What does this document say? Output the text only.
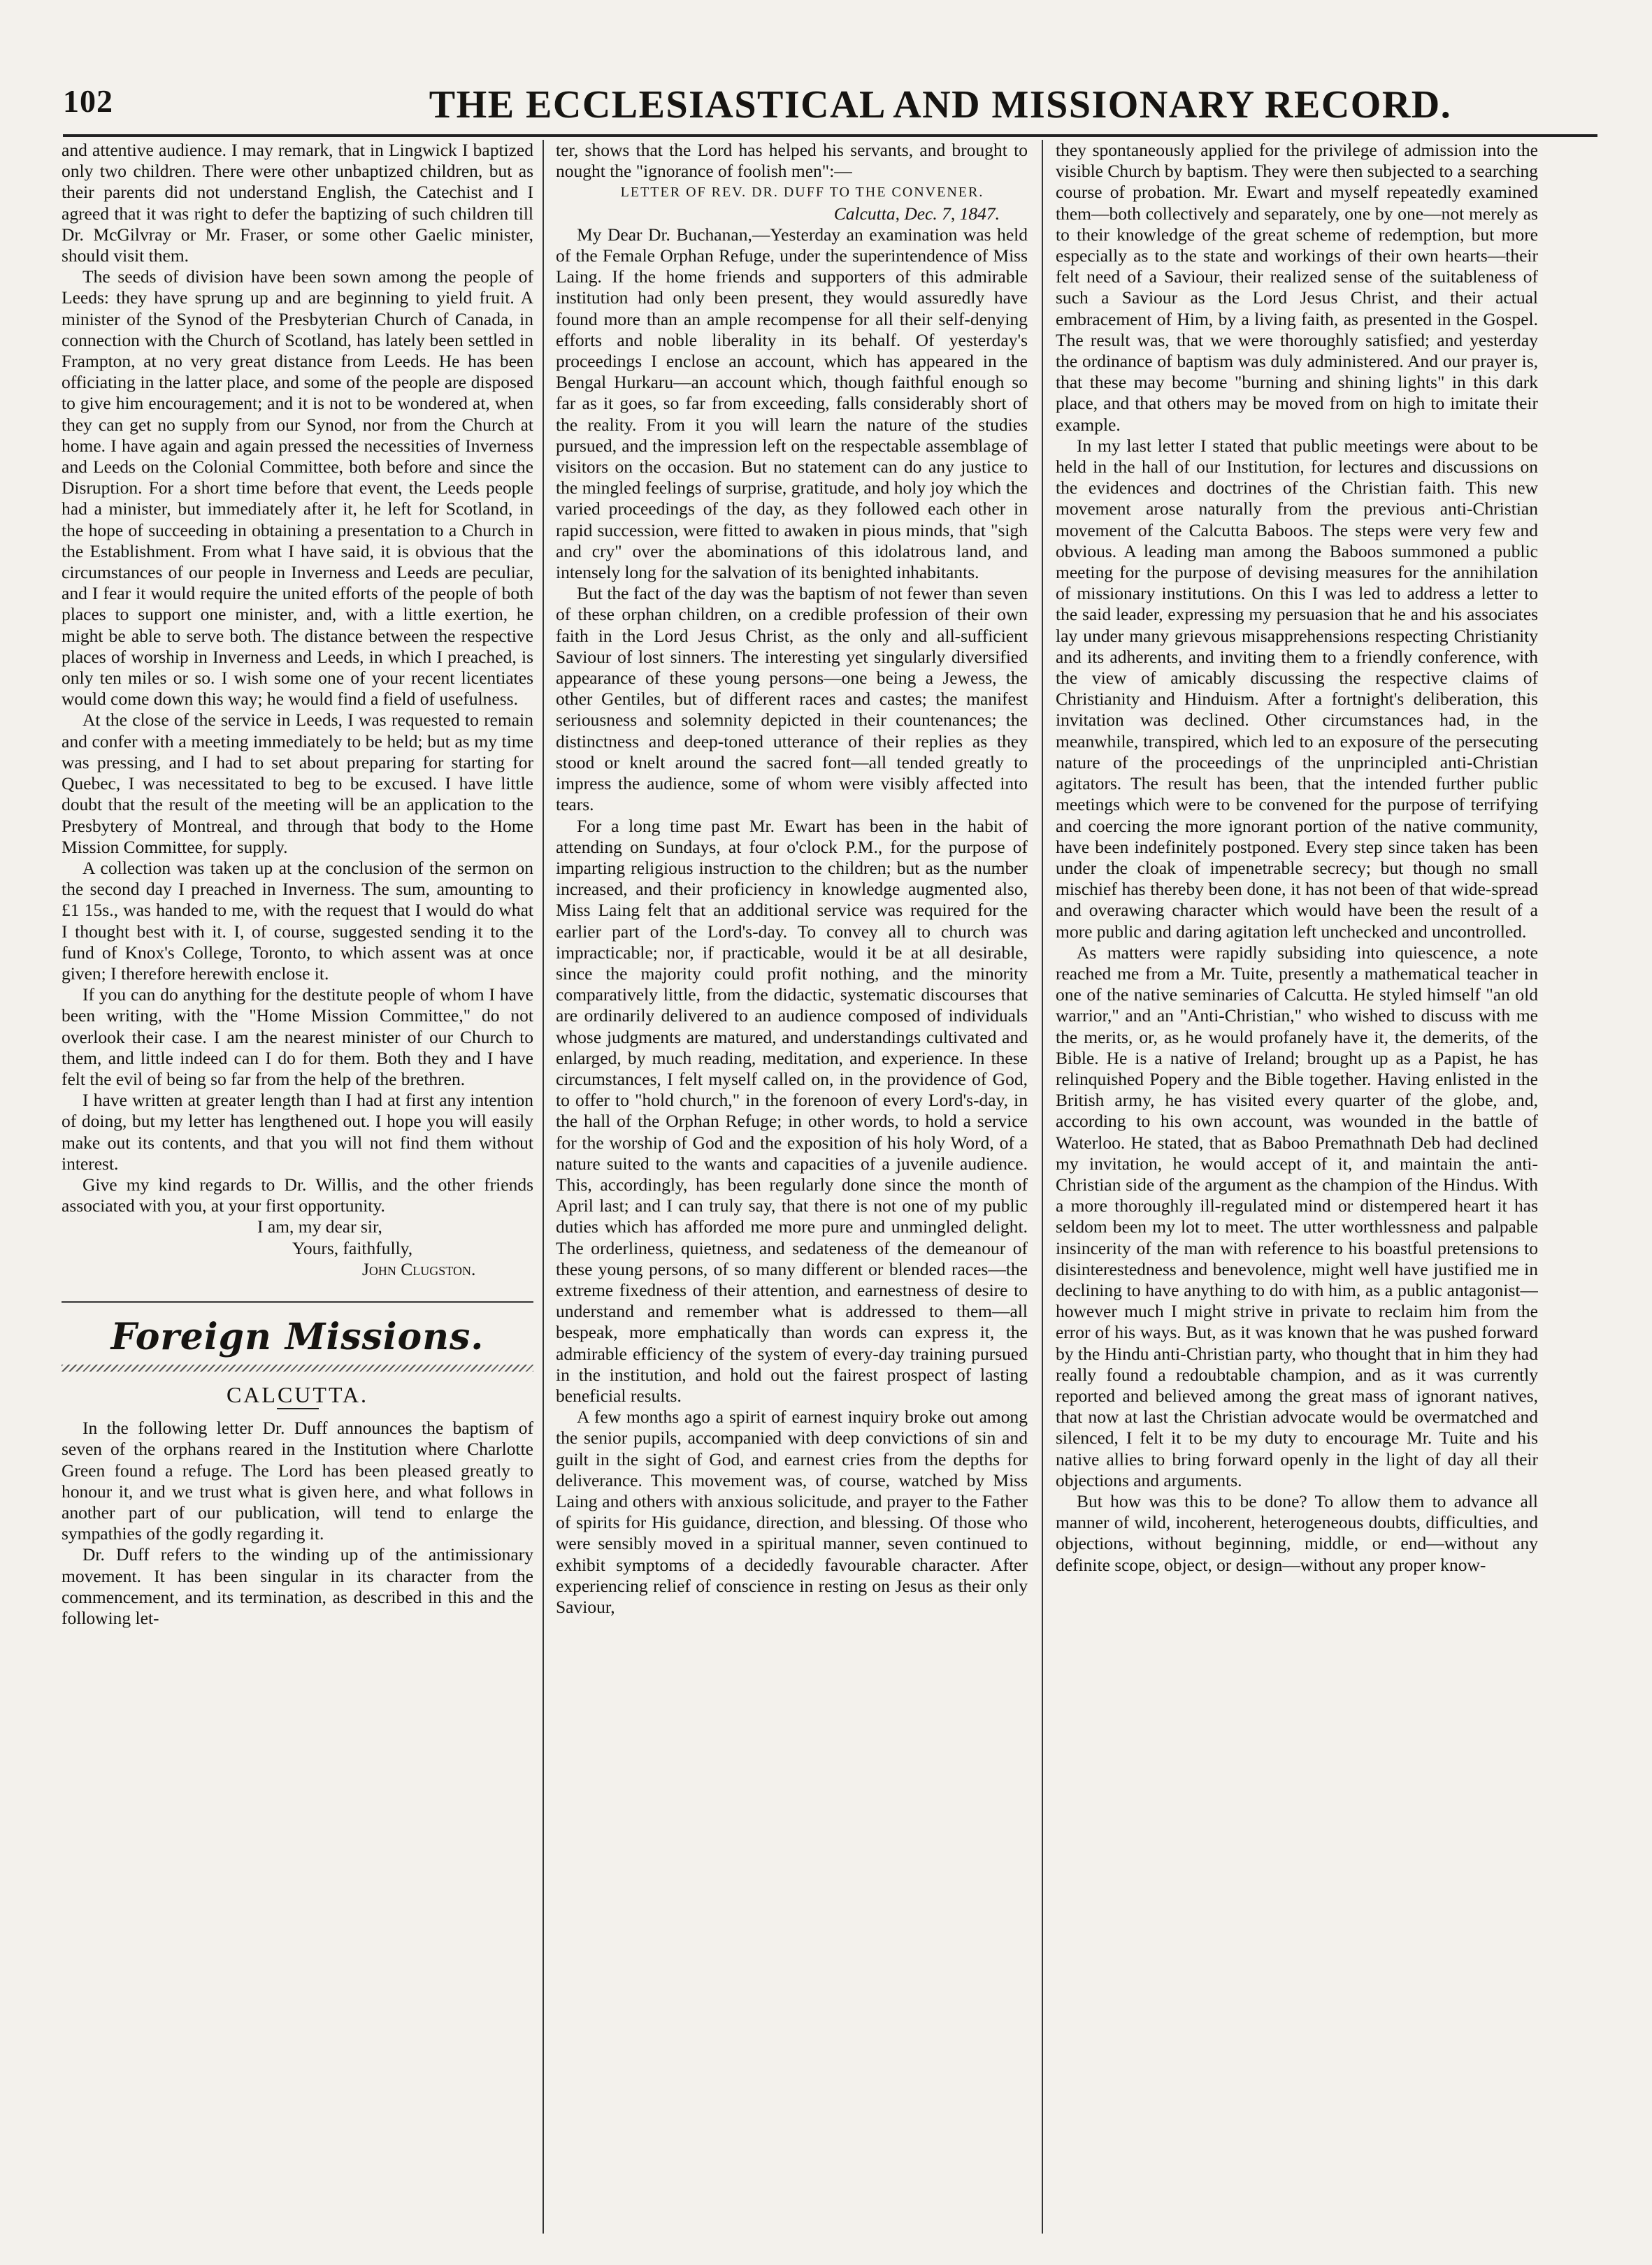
102	THE ECCLESIASTICAL AND MISSIONARY RECORD.

and attentive audience. I may remark, that in Lingwick I baptized only two children. There were other unbaptized children, but as their parents did not understand English, the Catechist and I agreed that it was right to defer the baptizing of such children till Dr. McGilvray or Mr. Fraser, or some other Gaelic minister, should visit them.

The seeds of division have been sown among the people of Leeds: they have sprung up and are beginning to yield fruit. A minister of the Synod of the Presbyterian Church of Canada, in connection with the Church of Scotland, has lately been settled in Frampton, at no very great distance from Leeds. He has been officiating in the latter place, and some of the people are disposed to give him encouragement; and it is not to be wondered at, when they can get no supply from our Synod, nor from the Church at home. I have again and again pressed the necessities of Inverness and Leeds on the Colonial Committee, both before and since the Disruption. For a short time before that event, the Leeds people had a minister, but immediately after it, he left for Scotland, in the hope of succeeding in obtaining a presentation to a Church in the Establishment. From what I have said, it is obvious that the circumstances of our people in Inverness and Leeds are peculiar, and I fear it would require the united efforts of the people of both places to support one minister, and, with a little exertion, he might be able to serve both. The distance between the respective places of worship in Inverness and Leeds, in which I preached, is only ten miles or so. I wish some one of your recent licentiates would come down this way; he would find a field of usefulness.

At the close of the service in Leeds, I was requested to remain and confer with a meeting immediately to be held; but as my time was pressing, and I had to set about preparing for starting for Quebec, I was necessitated to beg to be excused. I have little doubt that the result of the meeting will be an application to the Presbytery of Montreal, and through that body to the Home Mission Committee, for supply.

A collection was taken up at the conclusion of the sermon on the second day I preached in Inverness. The sum, amounting to £1 15s., was handed to me, with the request that I would do what I thought best with it. I, of course, suggested sending it to the fund of Knox's College, Toronto, to which assent was at once given; I therefore herewith enclose it.

If you can do anything for the destitute people of whom I have been writing, with the "Home Mission Committee," do not overlook their case. I am the nearest minister of our Church to them, and little indeed can I do for them. Both they and I have felt the evil of being so far from the help of the brethren.

I have written at greater length than I had at first any intention of doing, but my letter has lengthened out. I hope you will easily make out its contents, and that you will not find them without interest.

Give my kind regards to Dr. Willis, and the other friends associated with you, at your first opportunity.

I am, my dear sir,

Yours, faithfully,

John Clugston.

Foreign Missions.
CALCUTTA.

In the following letter Dr. Duff announces the baptism of seven of the orphans reared in the Institution where Charlotte Green found a refuge. The Lord has been pleased greatly to honour it, and we trust what is given here, and what follows in another part of our publication, will tend to enlarge the sympathies of the godly regarding it.

Dr. Duff refers to the winding up of the antimissionary movement. It has been singular in its character from the commencement, and its termination, as described in this and the following let-

ter, shows that the Lord has helped his servants, and brought to nought the "ignorance of foolish men":—

LETTER OF REV. DR. DUFF TO THE CONVENER.

Calcutta, Dec. 7, 1847.

My Dear Dr. Buchanan,—Yesterday an examination was held of the Female Orphan Refuge, under the superintendence of Miss Laing. If the home friends and supporters of this admirable institution had only been present, they would assuredly have found more than an ample recompense for all their self-denying efforts and noble liberality in its behalf. Of yesterday's proceedings I enclose an account, which has appeared in the Bengal Hurkaru—an account which, though faithful enough so far as it goes, so far from exceeding, falls considerably short of the reality. From it you will learn the nature of the studies pursued, and the impression left on the respectable assemblage of visitors on the occasion. But no statement can do any justice to the mingled feelings of surprise, gratitude, and holy joy which the varied proceedings of the day, as they followed each other in rapid succession, were fitted to awaken in pious minds, that "sigh and cry" over the abominations of this idolatrous land, and intensely long for the salvation of its benighted inhabitants.

But the fact of the day was the baptism of not fewer than seven of these orphan children, on a credible profession of their own faith in the Lord Jesus Christ, as the only and all-sufficient Saviour of lost sinners. The interesting yet singularly diversified appearance of these young persons—one being a Jewess, the other Gentiles, but of different races and castes; the manifest seriousness and solemnity depicted in their countenances; the distinctness and deep-toned utterance of their replies as they stood or knelt around the sacred font—all tended greatly to impress the audience, some of whom were visibly affected into tears.

For a long time past Mr. Ewart has been in the habit of attending on Sundays, at four o'clock P.M., for the purpose of imparting religious instruction to the children; but as the number increased, and their proficiency in knowledge augmented also, Miss Laing felt that an additional service was required for the earlier part of the Lord's-day. To convey all to church was impracticable; nor, if practicable, would it be at all desirable, since the majority could profit nothing, and the minority comparatively little, from the didactic, systematic discourses that are ordinarily delivered to an audience composed of individuals whose judgments are matured, and understandings cultivated and enlarged, by much reading, meditation, and experience. In these circumstances, I felt myself called on, in the providence of God, to offer to "hold church," in the forenoon of every Lord's-day, in the hall of the Orphan Refuge; in other words, to hold a service for the worship of God and the exposition of his holy Word, of a nature suited to the wants and capacities of a juvenile audience. This, accordingly, has been regularly done since the month of April last; and I can truly say, that there is not one of my public duties which has afforded me more pure and unmingled delight. The orderliness, quietness, and sedateness of the demeanour of these young persons, of so many different or blended races—the extreme fixedness of their attention, and earnestness of desire to understand and remember what is addressed to them—all bespeak, more emphatically than words can express it, the admirable efficiency of the system of every-day training pursued in the institution, and hold out the fairest prospect of lasting beneficial results.

A few months ago a spirit of earnest inquiry broke out among the senior pupils, accompanied with deep convictions of sin and guilt in the sight of God, and earnest cries from the depths for deliverance. This movement was, of course, watched by Miss Laing and others with anxious solicitude, and prayer to the Father of spirits for His guidance, direction, and blessing. Of those who were sensibly moved in a spiritual manner, seven continued to exhibit symptoms of a decidedly favourable character. After experiencing relief of conscience in resting on Jesus as their only Saviour,

they spontaneously applied for the privilege of admission into the visible Church by baptism. They were then subjected to a searching course of probation. Mr. Ewart and myself repeatedly examined them—both collectively and separately, one by one—not merely as to their knowledge of the great scheme of redemption, but more especially as to the state and workings of their own hearts—their felt need of a Saviour, their realized sense of the suitableness of such a Saviour as the Lord Jesus Christ, and their actual embracement of Him, by a living faith, as presented in the Gospel. The result was, that we were thoroughly satisfied; and yesterday the ordinance of baptism was duly administered. And our prayer is, that these may become "burning and shining lights" in this dark place, and that others may be moved from on high to imitate their example.

In my last letter I stated that public meetings were about to be held in the hall of our Institution, for lectures and discussions on the evidences and doctrines of the Christian faith. This new movement arose naturally from the previous anti-Christian movement of the Calcutta Baboos. The steps were very few and obvious. A leading man among the Baboos summoned a public meeting for the purpose of devising measures for the annihilation of missionary institutions. On this I was led to address a letter to the said leader, expressing my persuasion that he and his associates lay under many grievous misapprehensions respecting Christianity and its adherents, and inviting them to a friendly conference, with the view of amicably discussing the respective claims of Christianity and Hinduism. After a fortnight's deliberation, this invitation was declined. Other circumstances had, in the meanwhile, transpired, which led to an exposure of the persecuting nature of the proceedings of the unprincipled anti-Christian agitators. The result has been, that the intended further public meetings which were to be convened for the purpose of terrifying and coercing the more ignorant portion of the native community, have been indefinitely postponed. Every step since taken has been under the cloak of impenetrable secrecy; but though no small mischief has thereby been done, it has not been of that wide-spread and overawing character which would have been the result of a more public and daring agitation left unchecked and uncontrolled.

As matters were rapidly subsiding into quiescence, a note reached me from a Mr. Tuite, presently a mathematical teacher in one of the native seminaries of Calcutta. He styled himself "an old warrior," and an "Anti-Christian," who wished to discuss with me the merits, or, as he would profanely have it, the demerits, of the Bible. He is a native of Ireland; brought up as a Papist, he has relinquished Popery and the Bible together. Having enlisted in the British army, he has visited every quarter of the globe, and, according to his own account, was wounded in the battle of Waterloo. He stated, that as Baboo Premathnath Deb had declined my invitation, he would accept of it, and maintain the anti-Christian side of the argument as the champion of the Hindus. With a more thoroughly ill-regulated mind or distempered heart it has seldom been my lot to meet. The utter worthlessness and palpable insincerity of the man with reference to his boastful pretensions to disinterestedness and benevolence, might well have justified me in declining to have anything to do with him, as a public antagonist—however much I might strive in private to reclaim him from the error of his ways. But, as it was known that he was pushed forward by the Hindu anti-Christian party, who thought that in him they had really found a redoubtable champion, and as it was currently reported and believed among the great mass of ignorant natives, that now at last the Christian advocate would be overmatched and silenced, I felt it to be my duty to encourage Mr. Tuite and his native allies to bring forward openly in the light of day all their objections and arguments.

But how was this to be done? To allow them to advance all manner of wild, incoherent, heterogeneous doubts, difficulties, and objections, without beginning, middle, or end—without any definite scope, object, or design—without any proper know-
